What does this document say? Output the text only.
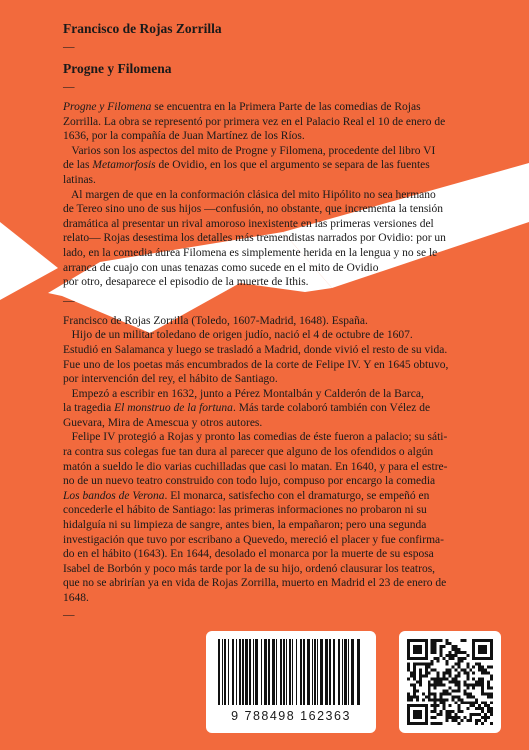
Francisco de Rojas Zorrilla

—

Progne y Filomena

—

Progne y Filomena se encuentra en la Primera Parte de las comedias de Rojas

Zorrilla. La obra se representó por primera vez en el Palacio Real el 10 de enero de

1636, por la compañía de Juan Martínez de los Ríos.

Varios son los aspectos del mito de Progne y Filomena, procedente del libro VI

de las Metamorfosis de Ovidio, en los que el argumento se separa de las fuentes

latinas.

Al margen de que en la conformación clásica del mito Hipólito no sea hermano

de Tereo sino uno de sus hijos —confusión, no obstante, que incrementa la tensión

dramática al presentar un rival amoroso inexistente en las primeras versiones del

relato— Rojas desestima los detalles más tremendistas narrados por Ovidio: por un

lado, en la comedia áurea Filomena es simplemente herida en la lengua y no se le

arranca de cuajo con unas tenazas como sucede en el mito de Ovidio

por otro, desaparece el episodio de la muerte de Ithis.

—

Francisco de Rojas Zorrilla (Toledo, 1607-Madrid, 1648). España.

Hijo de un militar toledano de origen judío, nació el 4 de octubre de 1607.

Estudió en Salamanca y luego se trasladó a Madrid, donde vivió el resto de su vida.

Fue uno de los poetas más encumbrados de la corte de Felipe IV. Y en 1645 obtuvo,

por intervención del rey, el hábito de Santiago.

Empezó a escribir en 1632, junto a Pérez Montalbán y Calderón de la Barca,

la tragedia El monstruo de la fortuna. Más tarde colaboró también con Vélez de

Guevara, Mira de Amescua y otros autores.

Felipe IV protegió a Rojas y pronto las comedias de éste fueron a palacio; su sáti-

ra contra sus colegas fue tan dura al parecer que alguno de los ofendidos o algún

matón a sueldo le dio varias cuchilladas que casi lo matan. En 1640, y para el estre-

no de un nuevo teatro construido con todo lujo, compuso por encargo la comedia

Los bandos de Verona. El monarca, satisfecho con el dramaturgo, se empeñó en

concederle el hábito de Santiago: las primeras informaciones no probaron ni su

hidalguía ni su limpieza de sangre, antes bien, la empañaron; pero una segunda

investigación que tuvo por escribano a Quevedo, mereció el placer y fue confirma-

do en el hábito (1643). En 1644, desolado el monarca por la muerte de su esposa

Isabel de Borbón y poco más tarde por la de su hijo, ordenó clausurar los teatros,

que no se abrirían ya en vida de Rojas Zorrilla, muerto en Madrid el 23 de enero de

1648.

—
9 788498 162363
